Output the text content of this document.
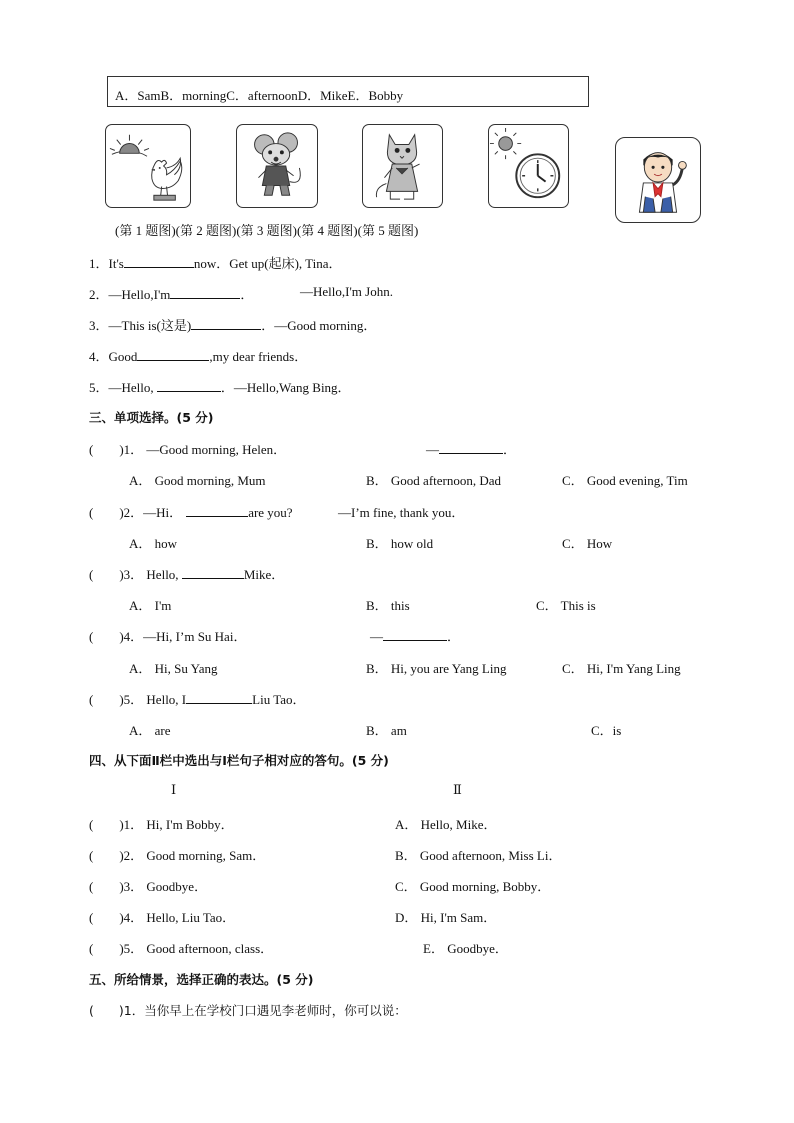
A．SamB．morningC．afternoonD．MikeE．Bobby
(第 1 题图)(第 2 题图)(第 3 题图)(第 4 题图)(第 5 题图)
1．It's	now．Get up(起床), Tina．
2．—Hello,I'm	．	—Hello,I'm John.
3．—This is(这是)	．—Good morning．
4．Good	,my dear friends．
5．—Hello,	．—Hello,Wang Bing．
三、单项选择。(5 分)
(　　)1． —Good morning, Helen．	—	．
A． Good morning, Mum	B． Good afternoon, Dad	C． Good evening, Tim
(　　)2．—Hi．	are you?	—I’m fine, thank you．
A． how	B． how old	C． How
(　　)3． Hello,	Mike．
A． I'm	B． this	C． This is
(　　)4．—Hi, I’m Su Hai．	—	．
A． Hi, Su Yang	B． Hi, you are Yang Ling	C． Hi, I'm Yang Ling
(　　)5． Hello, I	Liu Tao．
A． are	B． am	C．is
四、从下面Ⅱ栏中选出与Ⅰ栏句子相对应的答句。(5 分)
Ⅰ	Ⅱ
(　　)1． Hi, I'm Bobby．	A． Hello, Mike．
(　　)2． Good morning, Sam．	B． Good afternoon, Miss Li．
(　　)3． Goodbye．	C． Good morning, Bobby．
(　　)4． Hello, Liu Tao．	D． Hi, I'm Sam．
(　　)5． Good afternoon, class．	E． Goodbye．
五、所给情景，选择正确的表达。(5 分)
(　　)1．当你早上在学校门口遇见李老师时，你可以说：
